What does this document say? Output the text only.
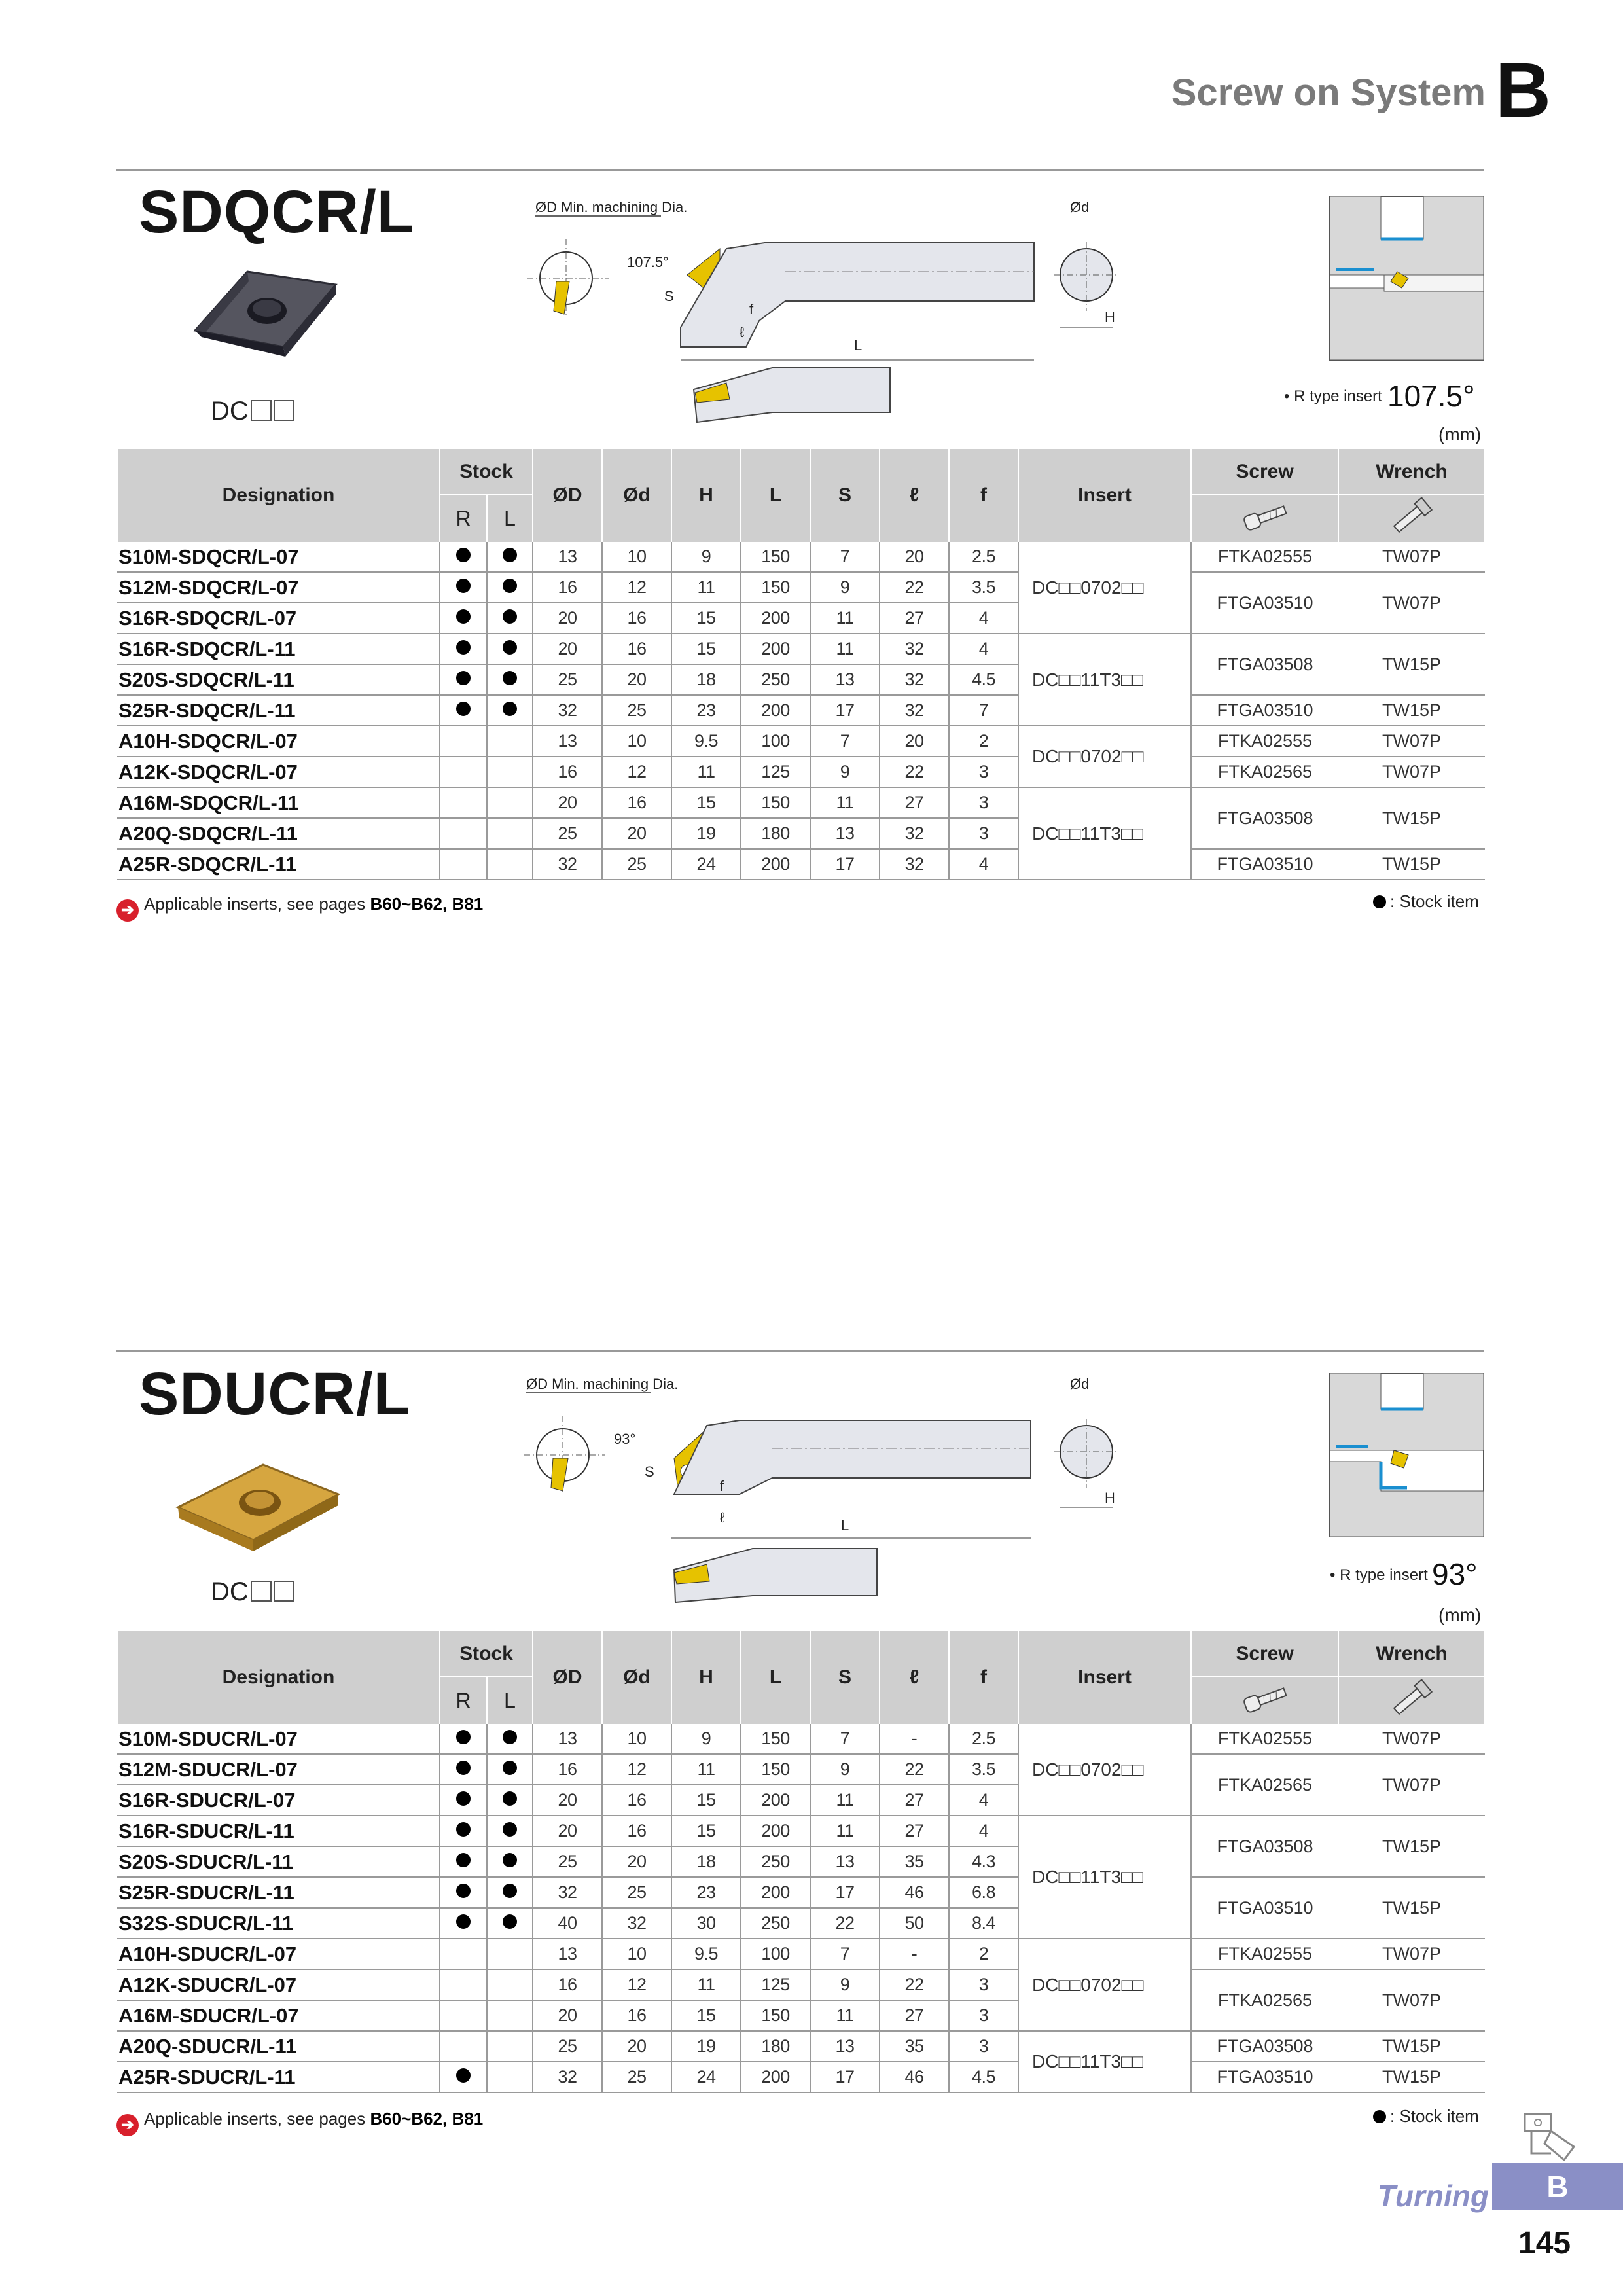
Screw on System B
SDQCR/L
DC
ØD Min. machining Dia.
107.5°
S
f
ℓ
L
Ød
H
• R type insert 107.5°
(mm)
Designation	Stock		ØD	Ød	H	L	S	ℓ	f	Insert	Screw	Wrench
	R	L		
S10M-SDQCR/L-07			13	10	9	150	7	20	2.5	DC□□0702□□	FTKA02555	TW07P
S12M-SDQCR/L-07			16	12	11	150	9	22	3.5		FTGA03510	TW07P
S16R-SDQCR/L-07			20	16	15	200	11	27	4			
S16R-SDQCR/L-11			20	16	15	200	11	32	4	DC□□11T3□□	FTGA03508	TW15P
S20S-SDQCR/L-11			25	20	18	250	13	32	4.5			
S25R-SDQCR/L-11			32	25	23	200	17	32	7		FTGA03510	TW15P
A10H-SDQCR/L-07			13	10	9.5	100	7	20	2	DC□□0702□□	FTKA02555	TW07P
A12K-SDQCR/L-07			16	12	11	125	9	22	3		FTKA02565	TW07P
A16M-SDQCR/L-11			20	16	15	150	11	27	3	DC□□11T3□□	FTGA03508	TW15P
A20Q-SDQCR/L-11			25	20	19	180	13	32	3			
A25R-SDQCR/L-11			32	25	24	200	17	32	4		FTGA03510	TW15P
➔ Applicable inserts, see pages B60~B62, B81	: Stock item
SDUCR/L
DC
ØD Min. machining Dia.
93°
S
f
ℓ	L
Ød
H
• R type insert 93°
(mm)
Designation	Stock		ØD	Ød	H	L	S	ℓ	f	Insert	Screw	Wrench
	R	L		
S10M-SDUCR/L-07			13	10	9	150	7	-	2.5	DC□□0702□□	FTKA02555	TW07P
S12M-SDUCR/L-07			16	12	11	150	9	22	3.5		FTKA02565	TW07P
S16R-SDUCR/L-07			20	16	15	200	11	27	4			
S16R-SDUCR/L-11			20	16	15	200	11	27	4	DC□□11T3□□	FTGA03508	TW15P
S20S-SDUCR/L-11			25	20	18	250	13	35	4.3			
S25R-SDUCR/L-11			32	25	23	200	17	46	6.8		FTGA03510	TW15P
S32S-SDUCR/L-11			40	32	30	250	22	50	8.4			
A10H-SDUCR/L-07			13	10	9.5	100	7	-	2	DC□□0702□□	FTKA02555	TW07P
A12K-SDUCR/L-07			16	12	11	125	9	22	3		FTKA02565	TW07P
A16M-SDUCR/L-07			20	16	15	150	11	27	3			
A20Q-SDUCR/L-11			25	20	19	180	13	35	3	DC□□11T3□□	FTGA03508	TW15P
A25R-SDUCR/L-11			32	25	24	200	17	46	4.5		FTGA03510	TW15P
➔ Applicable inserts, see pages B60~B62, B81	: Stock item
Turning	B
145
